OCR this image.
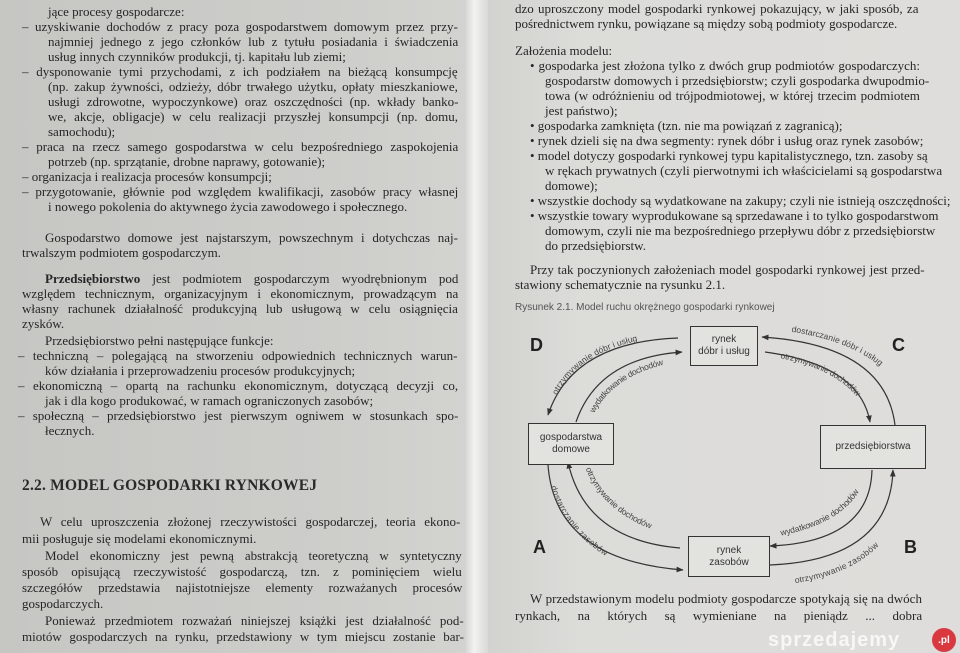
jące procesy gospodarcze:
– uzyskiwanie dochodów z pracy poza gospodarstwem domowym przez przy-
najmniej jednego z jego członków lub z tytułu posiadania i świadczenia
usług innych czynników produkcji, tj. kapitału lub ziemi;
– dysponowanie tymi przychodami, z ich podziałem na bieżącą konsumpcję
(np. zakup żywności, odzieży, dóbr trwałego użytku, opłaty mieszkaniowe,
usługi zdrowotne, wypoczynkowe) oraz oszczędności (np. wkłady banko-
we, akcje, obligacje) w celu realizacji przyszłej konsumpcji (np. domu,
samochodu);
– praca na rzecz samego gospodarstwa w celu bezpośredniego zaspokojenia
potrzeb (np. sprzątanie, drobne naprawy, gotowanie);
– organizacja i realizacja procesów konsumpcji;
– przygotowanie, głównie pod względem kwalifikacji, zasobów pracy własnej
i nowego pokolenia do aktywnego życia zawodowego i społecznego.
Gospodarstwo domowe jest najstarszym, powszechnym i dotychczas naj-
trwalszym podmiotem gospodarczym.
Przedsiębiorstwo jest podmiotem gospodarczym wyodrębnionym pod
względem technicznym, organizacyjnym i ekonomicznym, prowadzącym na
własny rachunek działalność produkcyjną lub usługową w celu osiągnięcia
zysków.
Przedsiębiorstwo pełni następujące funkcje:
– techniczną – polegającą na stworzeniu odpowiednich technicznych warun-
ków działania i przeprowadzeniu procesów produkcyjnych;
– ekonomiczną – opartą na rachunku ekonomicznym, dotyczącą decyzji co,
jak i dla kogo produkować, w ramach ograniczonych zasobów;
– społeczną – przedsiębiorstwo jest pierwszym ogniwem w stosunkach spo-
łecznych.
W celu uproszczenia złożonej rzeczywistości gospodarczej, teoria ekono-
mii posługuje się modelami ekonomicznymi.
Model ekonomiczny jest pewną abstrakcją teoretyczną w syntetyczny
sposób opisującą rzeczywistość gospodarczą, tzn. z pominięciem wielu
szczegółów przedstawia najistotniejsze elementy rozważanych procesów
gospodarczych.
Ponieważ przedmiotem rozważań niniejszej książki jest działalność pod-
miotów gospodarczych na rynku, przedstawiony w tym miejscu zostanie bar-
dzo uproszczony model gospodarki rynkowej pokazujący, w jaki sposób, za
pośrednictwem rynku, powiązane są między sobą podmioty gospodarcze.
Założenia modelu:
• gospodarka jest złożona tylko z dwóch grup podmiotów gospodarczych:
gospodarstw domowych i przedsiębiorstw; czyli gospodarka dwupodmio-
towa (w odróżnieniu od trójpodmiotowej, w której trzecim podmiotem
jest państwo);
• gospodarka zamknięta (tzn. nie ma powiązań z zagranicą);
• rynek dzieli się na dwa segmenty: rynek dóbr i usług oraz rynek zasobów;
• model dotyczy gospodarki rynkowej typu kapitalistycznego, tzn. zasoby są
w rękach prywatnych (czyli pierwotnymi ich właścicielami są gospodarstwa
domowe);
• wszystkie dochody są wydatkowane na zakupy; czyli nie istnieją oszczędności;
• wszystkie towary wyprodukowane są sprzedawane i to tylko gospodarstwom
domowym, czyli nie ma bezpośredniego przepływu dóbr z przedsiębiorstw
do przedsiębiorstw.
Przy tak poczynionych założeniach model gospodarki rynkowej jest przed-
stawiony schematycznie na rysunku 2.1.
W przedstawionym modelu podmioty gospodarcze spotykają się na dwóch
rynkach, na których są wymieniane na pieniądz ... dobra
2.2. MODEL GOSPODARKI RYNKOWEJ
Rysunek 2.1. Model ruchu okrężnego gospodarki rynkowej
otrzymywanie dóbr i usług
wydatkowanie dochodów
dostarczanie dóbr i usług
otrzymywanie dochodów
dostarczanie zasobów
otrzymywanie dochodów
wydatkowanie dochodów
otrzymywanie zasobów
rynek
dóbr i usług
gospodarstwa
domowe	przedsiębiorstwa
rynek
zasobów
D	C
A	B
sprzedajemy	.pl
